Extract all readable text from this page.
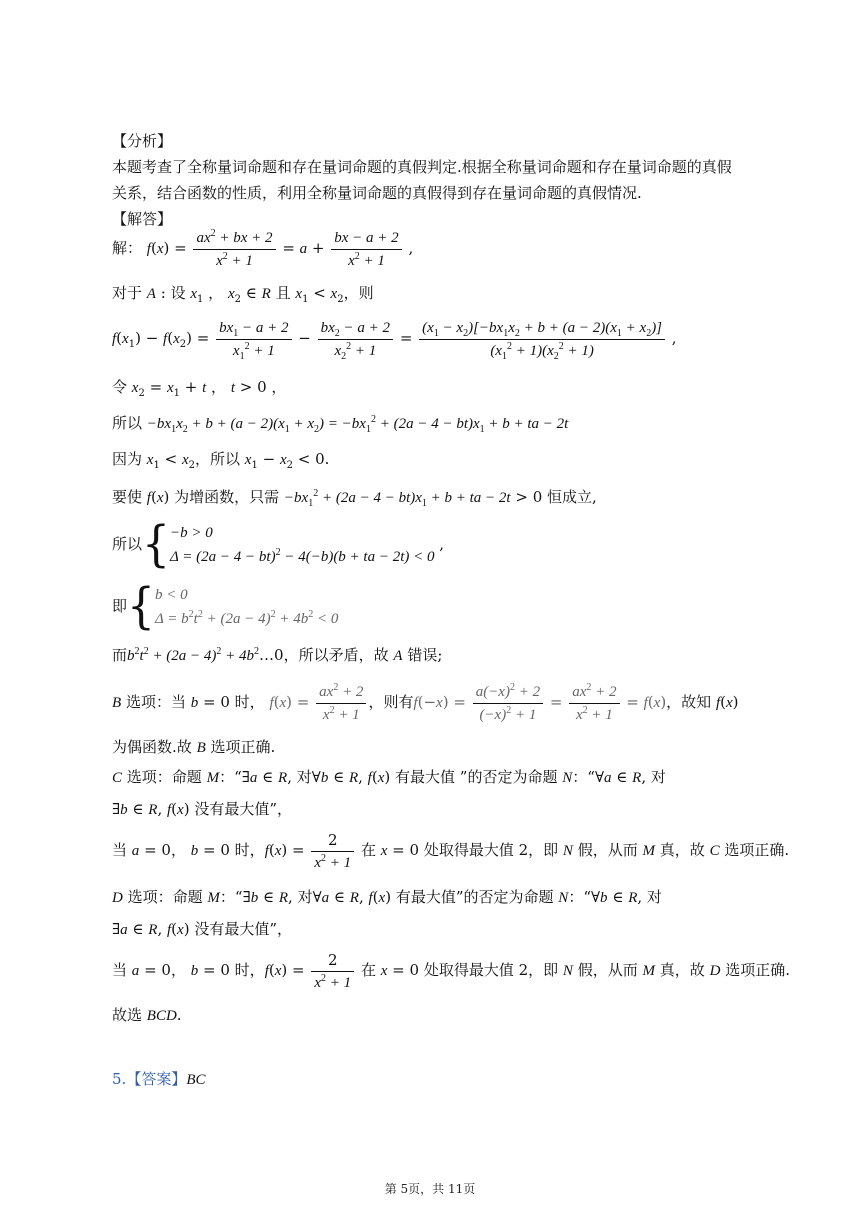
【分析】
本题考查了全称量词命题和存在量词命题的真假判定.根据全称量词命题和存在量词命题的真假
关系，结合函数的性质，利用全称量词命题的真假得到存在量词命题的真假情况.
【解答】
解： $f(x) = \frac{ax^2 + bx + 2}{x^2 + 1} = a + \frac{bx - a + 2}{x^2 + 1}$ ,
对于 A : 设 $x_1$ ， $x_2$ ∈ R 且 $x_1 < x_2$，则
$f(x_1) - f(x_2) = \frac{bx_1 - a + 2}{x_1^2 + 1} - \frac{bx_2 - a + 2}{x_2^2 + 1} = \frac{(x_1 - x_2)[-bx_1x_2 + b + (a - 2)(x_1 + x_2)]}{(x_1^2 + 1)(x_2^2 + 1)}$ ,
令 $x_2 = x_1 + t$ ， t > 0 ，
所以 $-bx_1x_2 + b + (a - 2)(x_1 + x_2) = -bx_1^2 + (2a - 4 - bt)x_1 + b$ + ta − 2t
因为 $x_1 < x_2$，所以 $x_1 - x_2 < 0$.
要使 f(x) 为增函数，只需 $-bx_1^2 + (2a - 4 - bt)x_1 + b$ + ta − 2t > 0 恒成立,
所以{ −b > 0
Δ = (2a − 4 − bt)$^2$ − 4(−b)(b + ta − 2t) < 0
,
即{ b < 0
$\Delta = b^2t^2 + (2a - 4)^2 + 4b^2 < 0$
而$b^2t^2 + (2a - 4)^2$ + $4b^2\dots 0$，所以矛盾，故 A 错误;
B 选项：当 b = 0 时， $f(x) = \frac{ax^2 + 2}{x^2 + 1}$ ，则有$f(-x) = \frac{a(-x)^2 + 2}{(-x)^2 + 1} = \frac{ax^2 + 2}{x^2 + 1} = f(x)$，故知 f(x)
为偶函数.故 B 选项正确.
C 选项：命题 M：“∃a ∈ R, 对∀b ∈ R, f(x) 有最大值 ”的否定为命题 N：“∀a ∈ R, 对
∃b ∈ R, f(x) 没有最大值”，
当 a = 0， b = 0 时，$f(x) = \frac{2}{x^2 + 1}$ 在 x = 0 处取得最大值 2，即 N 假，从而 M 真，故 C 选项正确.
D 选项：命题 M：“∃b ∈ R, 对∀a ∈ R, f(x) 有最大值”的否定为命题 N：“∀b ∈ R, 对
∃a ∈ R, f(x) 没有最大值”，
当 a = 0， b = 0 时，$f(x) = \frac{2}{x^2 + 1}$ 在 x = 0 处取得最大值 2，即 N 假，从而 M 真，故 D 选项正确.
故选 BCD.
5.【答案】BC
第 5页，共 11页
